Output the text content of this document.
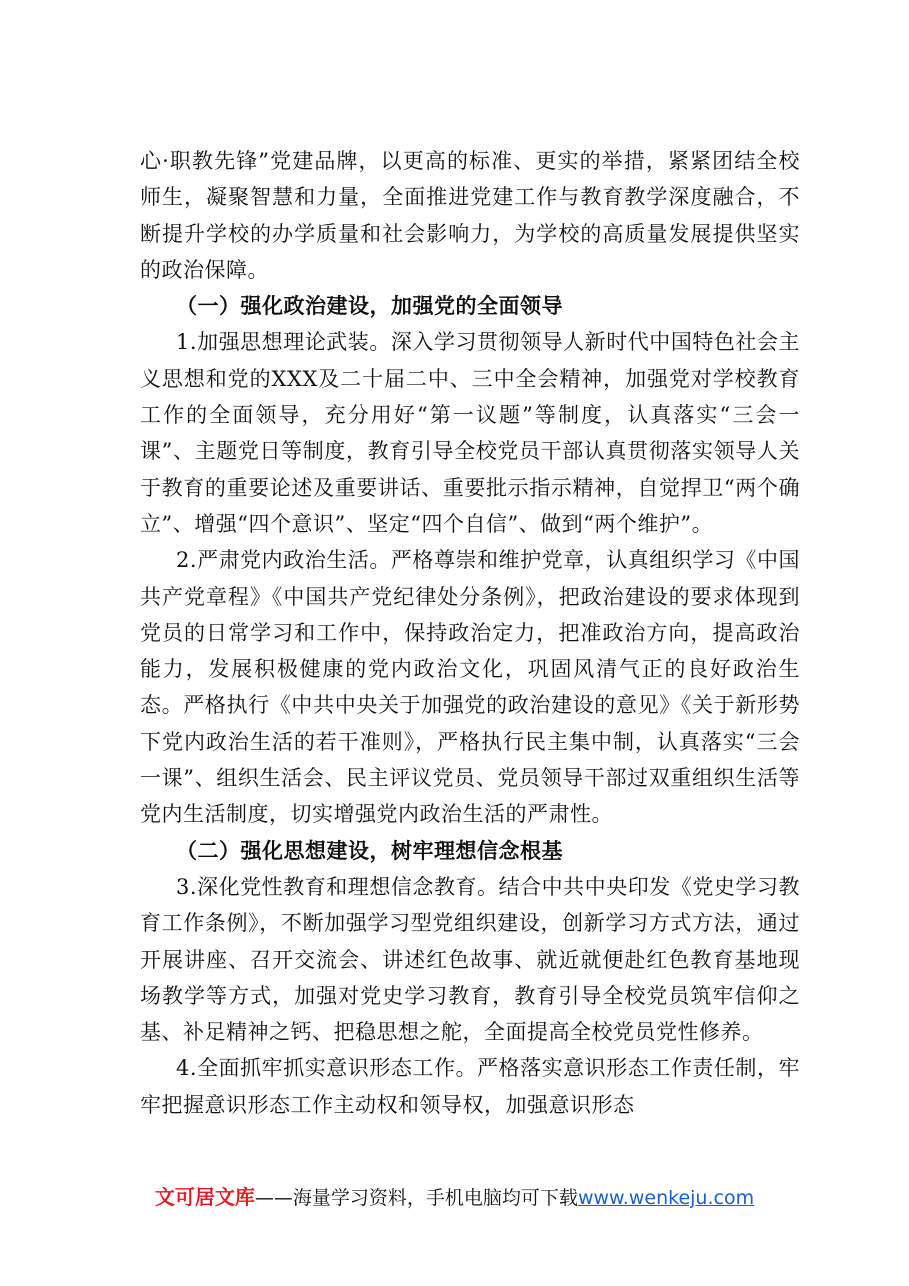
心·职教先锋”党建品牌，以更高的标准、更实的举措，紧紧团结全校师生，凝聚智慧和力量，全面推进党建工作与教育教学深度融合，不断提升学校的办学质量和社会影响力，为学校的高质量发展提供坚实的政治保障。

（一）强化政治建设，加强党的全面领导

1.加强思想理论武装。深入学习贯彻领导人新时代中国特色社会主义思想和党的XXX及二十届二中、三中全会精神，加强党对学校教育工作的全面领导，充分用好“第一议题”等制度，认真落实“三会一课”、主题党日等制度，教育引导全校党员干部认真贯彻落实领导人关于教育的重要论述及重要讲话、重要批示指示精神，自觉捍卫“两个确立”、增强“四个意识”、坚定“四个自信”、做到“两个维护”。

2.严肃党内政治生活。严格尊崇和维护党章，认真组织学习《中国共产党章程》《中国共产党纪律处分条例》，把政治建设的要求体现到党员的日常学习和工作中，保持政治定力，把准政治方向，提高政治能力，发展积极健康的党内政治文化，巩固风清气正的良好政治生态。严格执行《中共中央关于加强党的政治建设的意见》《关于新形势下党内政治生活的若干准则》，严格执行民主集中制，认真落实“三会一课”、组织生活会、民主评议党员、党员领导干部过双重组织生活等党内生活制度，切实增强党内政治生活的严肃性。

（二）强化思想建设，树牢理想信念根基

3.深化党性教育和理想信念教育。结合中共中央印发《党史学习教育工作条例》，不断加强学习型党组织建设，创新学习方式方法，通过开展讲座、召开交流会、讲述红色故事、就近就便赴红色教育基地现场教学等方式，加强对党史学习教育，教育引导全校党员筑牢信仰之基、补足精神之钙、把稳思想之舵，全面提高全校党员党性修养。

4.全面抓牢抓实意识形态工作。严格落实意识形态工作责任制，牢牢把握意识形态工作主动权和领导权，加强意识形态

文可居文库——海量学习资料，手机电脑均可下载www.wenkeju.com
